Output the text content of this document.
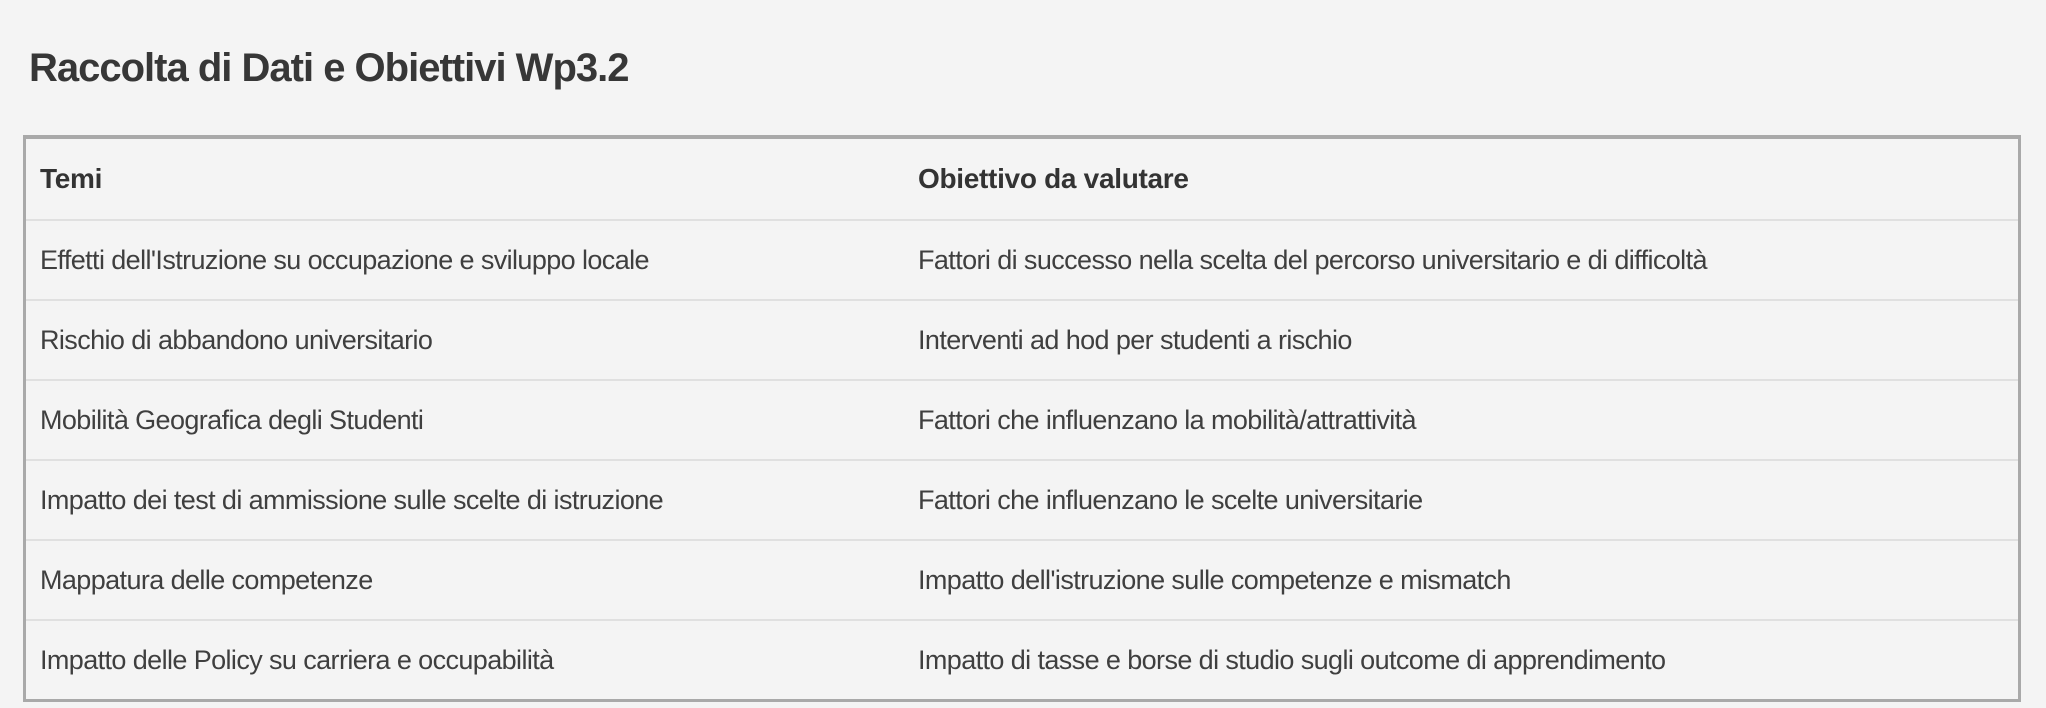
Raccolta di Dati e Obiettivi Wp3.2
Temi	Obiettivo da valutare
Effetti dell'Istruzione su occupazione e sviluppo locale	Fattori di successo nella scelta del percorso universitario e di difficoltà
Rischio di abbandono universitario	Interventi ad hod per studenti a rischio
Mobilità Geografica degli Studenti	Fattori che influenzano la mobilità/attrattività
Impatto dei test di ammissione sulle scelte di istruzione	Fattori che influenzano le scelte universitarie
Mappatura delle competenze	Impatto dell'istruzione sulle competenze e mismatch
Impatto delle Policy su carriera e occupabilità	Impatto di tasse e borse di studio sugli outcome di apprendimento
